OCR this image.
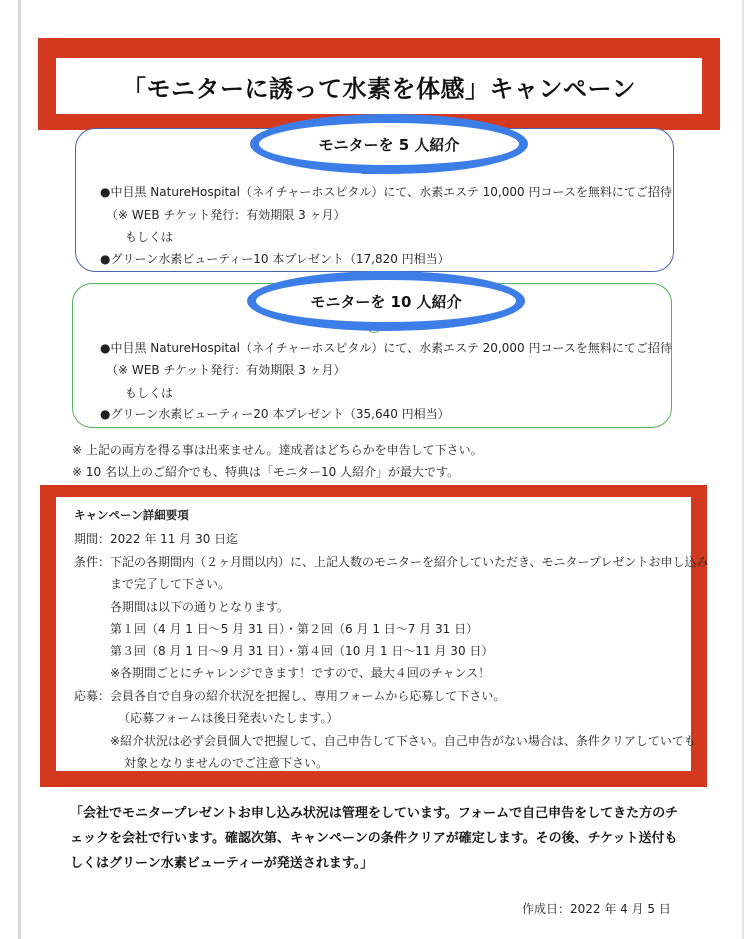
「モニターに誘って水素を体感」キャンペーン
モニターを 5 人紹介
●中目黒 NatureHospital（ネイチャーホスピタル）にて、水素エステ 10,000 円コースを無料にてご招待
（※ WEB チケット発行：有効期限 3 ヶ月）
もしくは
●グリーン水素ビューティー10 本プレゼント（17,820 円相当）
モニターを 10 人紹介
●中目黒 NatureHospital（ネイチャーホスピタル）にて、水素エステ 20,000 円コースを無料にてご招待
（※ WEB チケット発行：有効期限 3 ヶ月）
もしくは
●グリーン水素ビューティー20 本プレゼント（35,640 円相当）
※ 上記の両方を得る事は出来ません。達成者はどちらかを申告して下さい。
※ 10 名以上のご紹介でも、特典は「モニター10 人紹介」が最大です。
キャンペーン詳細要項
期間：2022 年 11 月 30 日迄
条件：下記の各期間内（２ヶ月間以内）に、上記人数のモニターを紹介していただき、モニタープレゼントお申し込み
まで完了して下さい。
各期間は以下の通りとなります。
第１回（4 月 1 日～5 月 31 日）・第２回（6 月 1 日～7 月 31 日）
第３回（8 月 1 日～9 月 31 日）・第４回（10 月 1 日～11 月 30 日）
※各期間ごとにチャレンジできます！ですので、最大４回のチャンス！
応募：会員各自で自身の紹介状況を把握し、専用フォームから応募して下さい。
（応募フォームは後日発表いたします。）
※紹介状況は必ず会員個人で把握して、自己申告して下さい。自己申告がない場合は、条件クリアしていても
対象となりませんのでご注意下さい。
「会社でモニタープレゼントお申し込み状況は管理をしています。フォームで自己申告をしてきた方のチ
ェックを会社で行います。確認次第、キャンペーンの条件クリアが確定します。その後、チケット送付も
しくはグリーン水素ビューティーが発送されます。」
作成日：2022 年 4 月 5 日
